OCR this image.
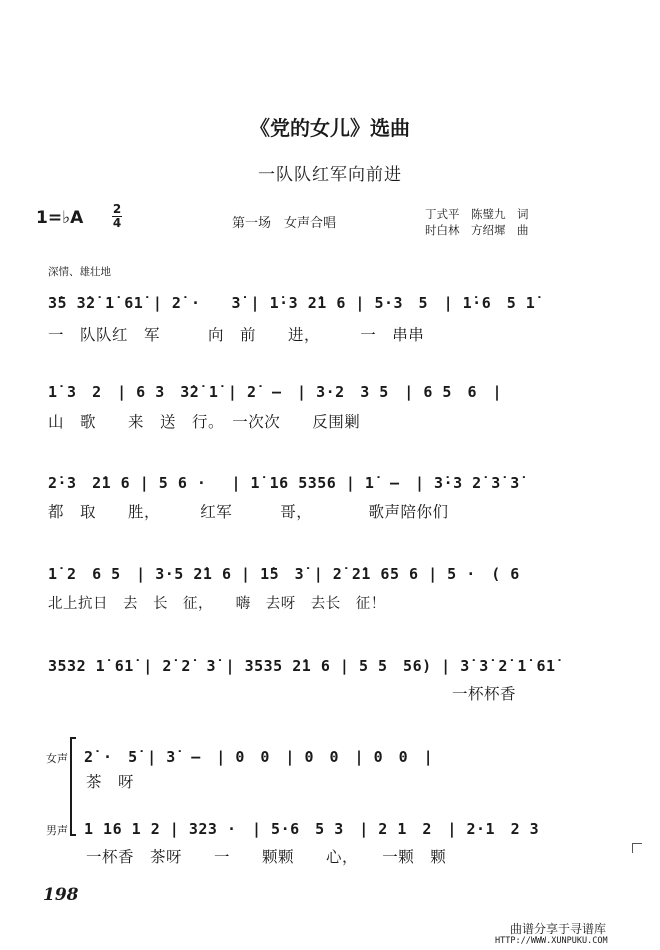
《党的女儿》选曲
一队队红军向前进
1=♭A 2
4	第一场　女声合唱
丁式平　陈璧九　词
时白林　方绍墀　曲
深情、雄壮地
3̇5 3̇2̇ 1̇ 61̇ | 2̇ ·　　3̇ | 1̇·3 2̇1 6 | 5·3　5　| 1̇·6　5 1̇
一　队队红　军　　　向　前　　进，　　　一　串串
1̇ 3　2　| 6 3　3̇2̇ 1̇ | 2̇　—　| 3·2　3 5　| 6 5　6　|
山　歌　　来　送　行。　一次次　　反围剿
2̇·3　2̇1 6 | 5 6 ·　 | 1̇ 16 5356 | 1̇　—　| 3̇·3 2̇ 3̇ 3̇
都　取　　胜，　　　红军　　　哥，　　　　歌声陪你们
1̇ 2　6 5　| 3·5 2̇1 6 | 1̇5　3̇ | 2̇ 2̇1 65 6 | 5 ·　( 6
北上抗日　去　长　征，　　嗨　去呀　去长　征！
3532 1̇ 61̇ | 2̇ 2̇　3̇ | 3535 2̇1 6 | 5 5　56) | 3̇ 3̇ 2̇ 1̇ 61̇
一杯杯香
女声 2̇ ·　5̇ | 3̇　—　| 0　0　| 0　0　| 0　0　|
茶　呀
男声 1 16 1 2 | 323 ·　| 5·6　5 3　| 2 1　2　| 2·1　2 3
一杯香　茶呀　　一　　颗颗　　心，　　一颗　颗
198
曲谱分享于寻谱库
HTTP://WWW.XUNPUKU.COM
